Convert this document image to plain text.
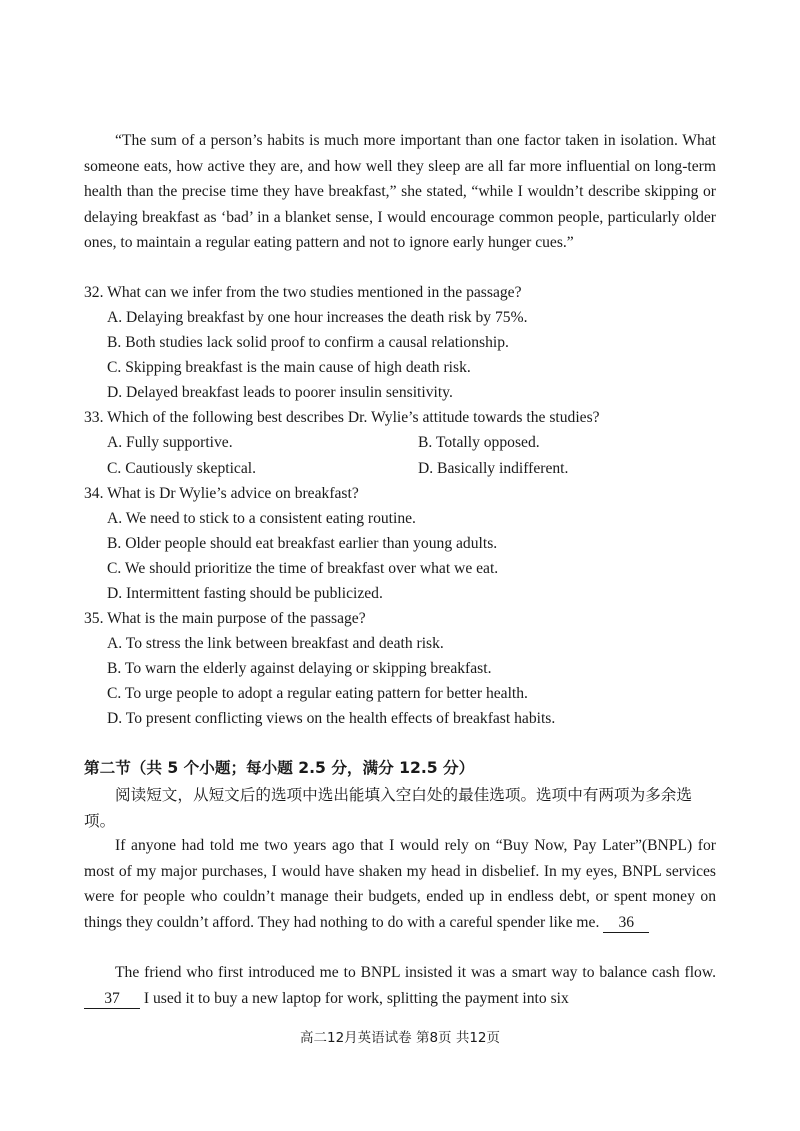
“The sum of a person’s habits is much more important than one factor taken in isolation. What someone eats, how active they are, and how well they sleep are all far more influential on long-term health than the precise time they have breakfast,” she stated, “while I wouldn’t describe skipping or delaying breakfast as ‘bad’ in a blanket sense, I would encourage common people, particularly older ones, to maintain a regular eating pattern and not to ignore early hunger cues.”
32. What can we infer from the two studies mentioned in the passage?
A. Delaying breakfast by one hour increases the death risk by 75%.
B. Both studies lack solid proof to confirm a causal relationship.
C. Skipping breakfast is the main cause of high death risk.
D. Delayed breakfast leads to poorer insulin sensitivity.
33. Which of the following best describes Dr. Wylie’s attitude towards the studies?
A. Fully supportive.	B. Totally opposed.
C. Cautiously skeptical.	D. Basically indifferent.
34. What is Dr Wylie’s advice on breakfast?
A. We need to stick to a consistent eating routine.
B. Older people should eat breakfast earlier than young adults.
C. We should prioritize the time of breakfast over what we eat.
D. Intermittent fasting should be publicized.
35. What is the main purpose of the passage?
A. To stress the link between breakfast and death risk.
B. To warn the elderly against delaying or skipping breakfast.
C. To urge people to adopt a regular eating pattern for better health.
D. To present conflicting views on the health effects of breakfast habits.
第二节（共 5 个小题；每小题 2.5 分，满分 12.5 分）
阅读短文，从短文后的选项中选出能填入空白处的最佳选项。选项中有两项为多余选项。
If anyone had told me two years ago that I would rely on “Buy Now, Pay Later”(BNPL) for most of my major purchases, I would have shaken my head in disbelief. In my eyes, BNPL services were for people who couldn’t manage their budgets, ended up in endless debt, or spent money on things they couldn’t afford. They had nothing to do with a careful spender like me. 36
The friend who first introduced me to BNPL insisted it was a smart way to balance cash flow. 37 I used it to buy a new laptop for work, splitting the payment into six
高二12月英语试卷 第8页 共12页
